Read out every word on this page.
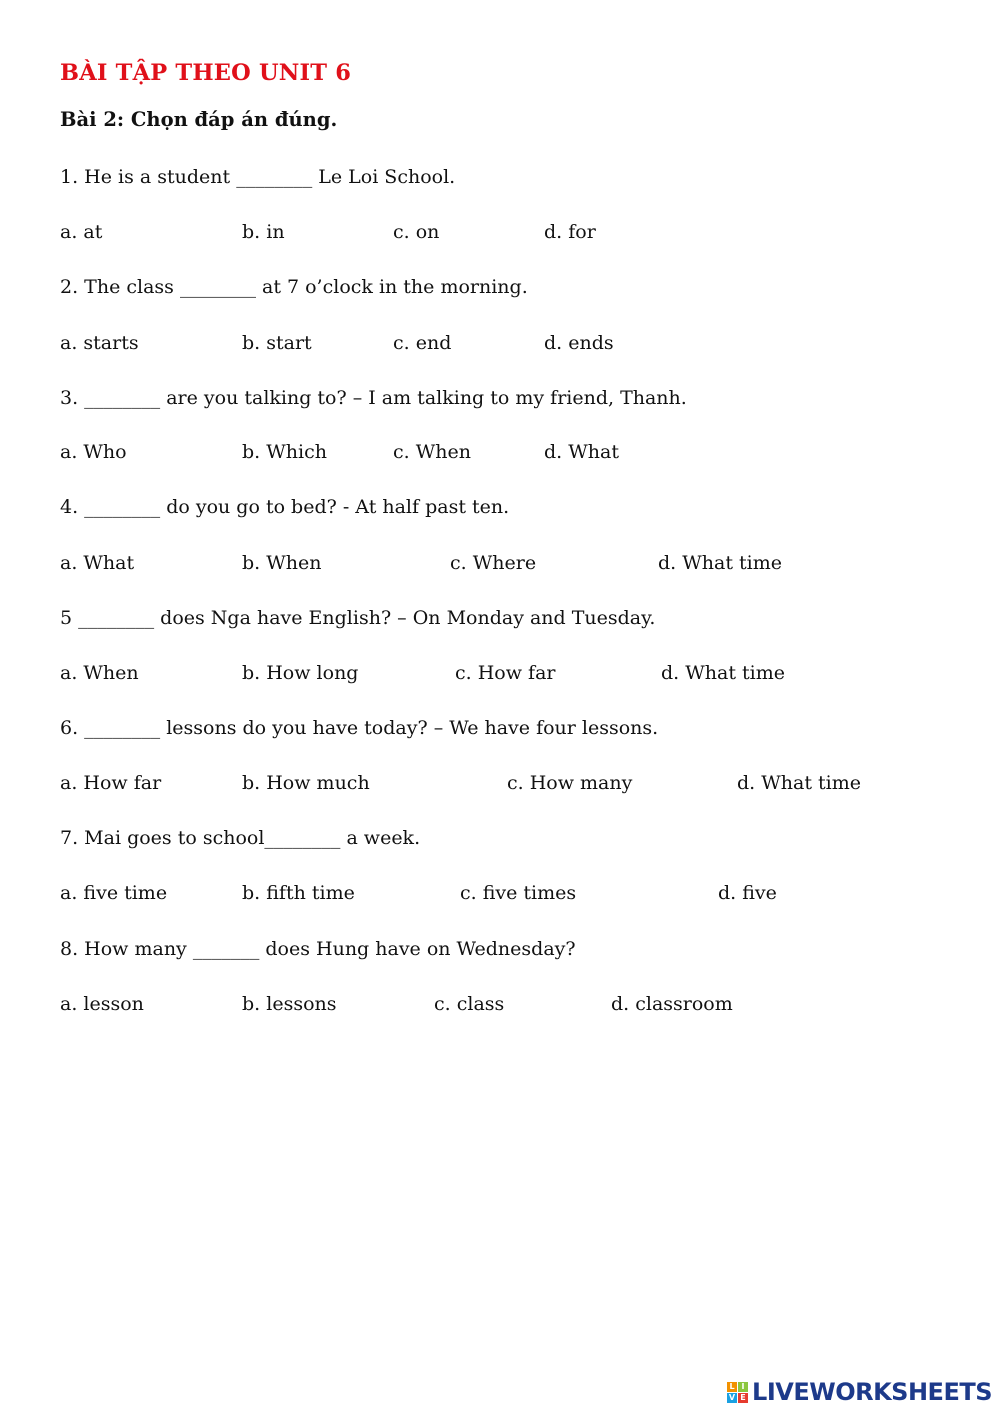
BÀI TẬP THEO UNIT 6

Bài 2: Chọn đáp án đúng.

1. He is a student ________ Le Loi School.
a. at	b. in	c. on	d. for
2. The class ________ at 7 o’clock in the morning.
a. starts	b. start	c. end	d. ends
3. ________ are you talking to? – I am talking to my friend, Thanh.
a. Who	b. Which	c. When	d. What
4. ________ do you go to bed? - At half past ten.
a. What	b. When	c. Where	d. What time
5 ________ does Nga have English? – On Monday and Tuesday.
a. When	b. How long	c. How far	d. What time
6. ________ lessons do you have today? – We have four lessons.
a. How far	b. How much	c. How many	d. What time
7. Mai goes to school________ a week.
a. five time	b. fifth time	c. five times	d. five
8. How many _______ does Hung have on Wednesday?
a. lesson	b. lessons	c. class	d. classroom
L I
V E LIVEWORKSHEETS
